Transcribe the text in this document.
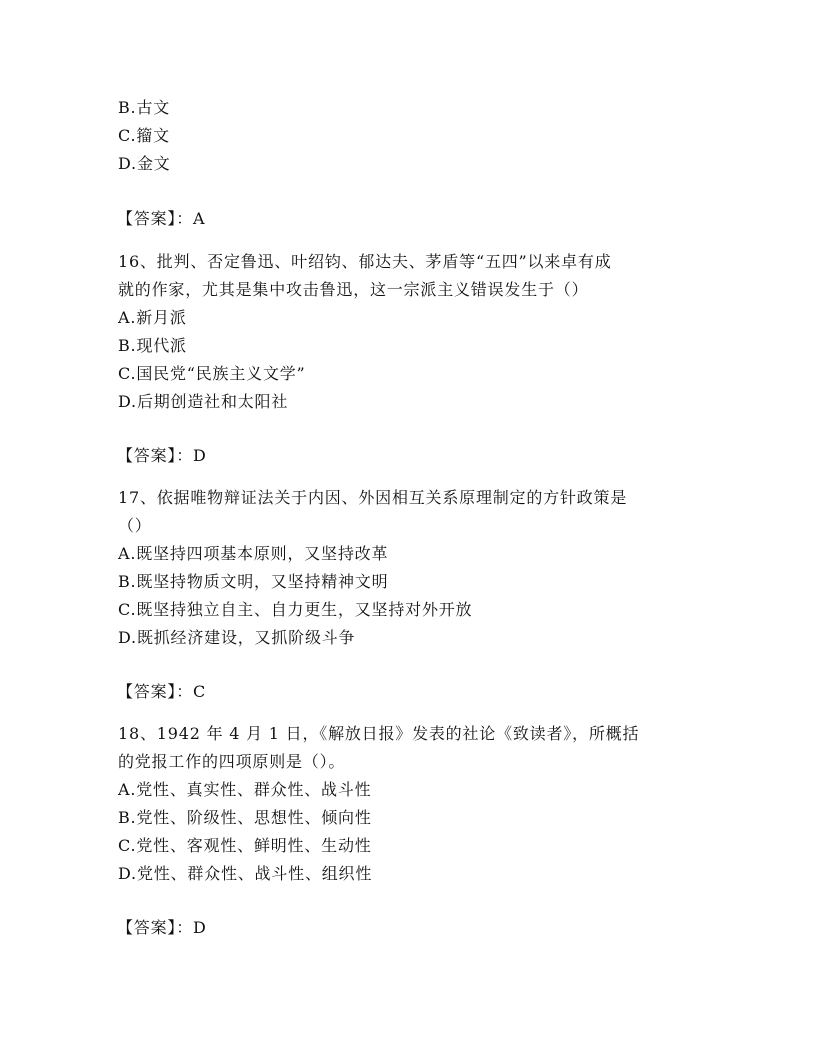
B.古文
C.籀文
D.金文
【答案】：A
16、批判、否定鲁迅、叶绍钧、郁达夫、茅盾等“五四”以来卓有成
就的作家，尤其是集中攻击鲁迅，这一宗派主义错误发生于（）
A.新月派
B.现代派
C.国民党“民族主义文学”
D.后期创造社和太阳社
【答案】：D
17、依据唯物辩证法关于内因、外因相互关系原理制定的方针政策是
（）
A.既坚持四项基本原则，又坚持改革
B.既坚持物质文明，又坚持精神文明
C.既坚持独立自主、自力更生，又坚持对外开放
D.既抓经济建设，又抓阶级斗争
【答案】：C
18、1942 年 4 月 1 日，《解放日报》发表的社论《致读者》，所概括
的党报工作的四项原则是（）。
A.党性、真实性、群众性、战斗性
B.党性、阶级性、思想性、倾向性
C.党性、客观性、鲜明性、生动性
D.党性、群众性、战斗性、组织性
【答案】：D
